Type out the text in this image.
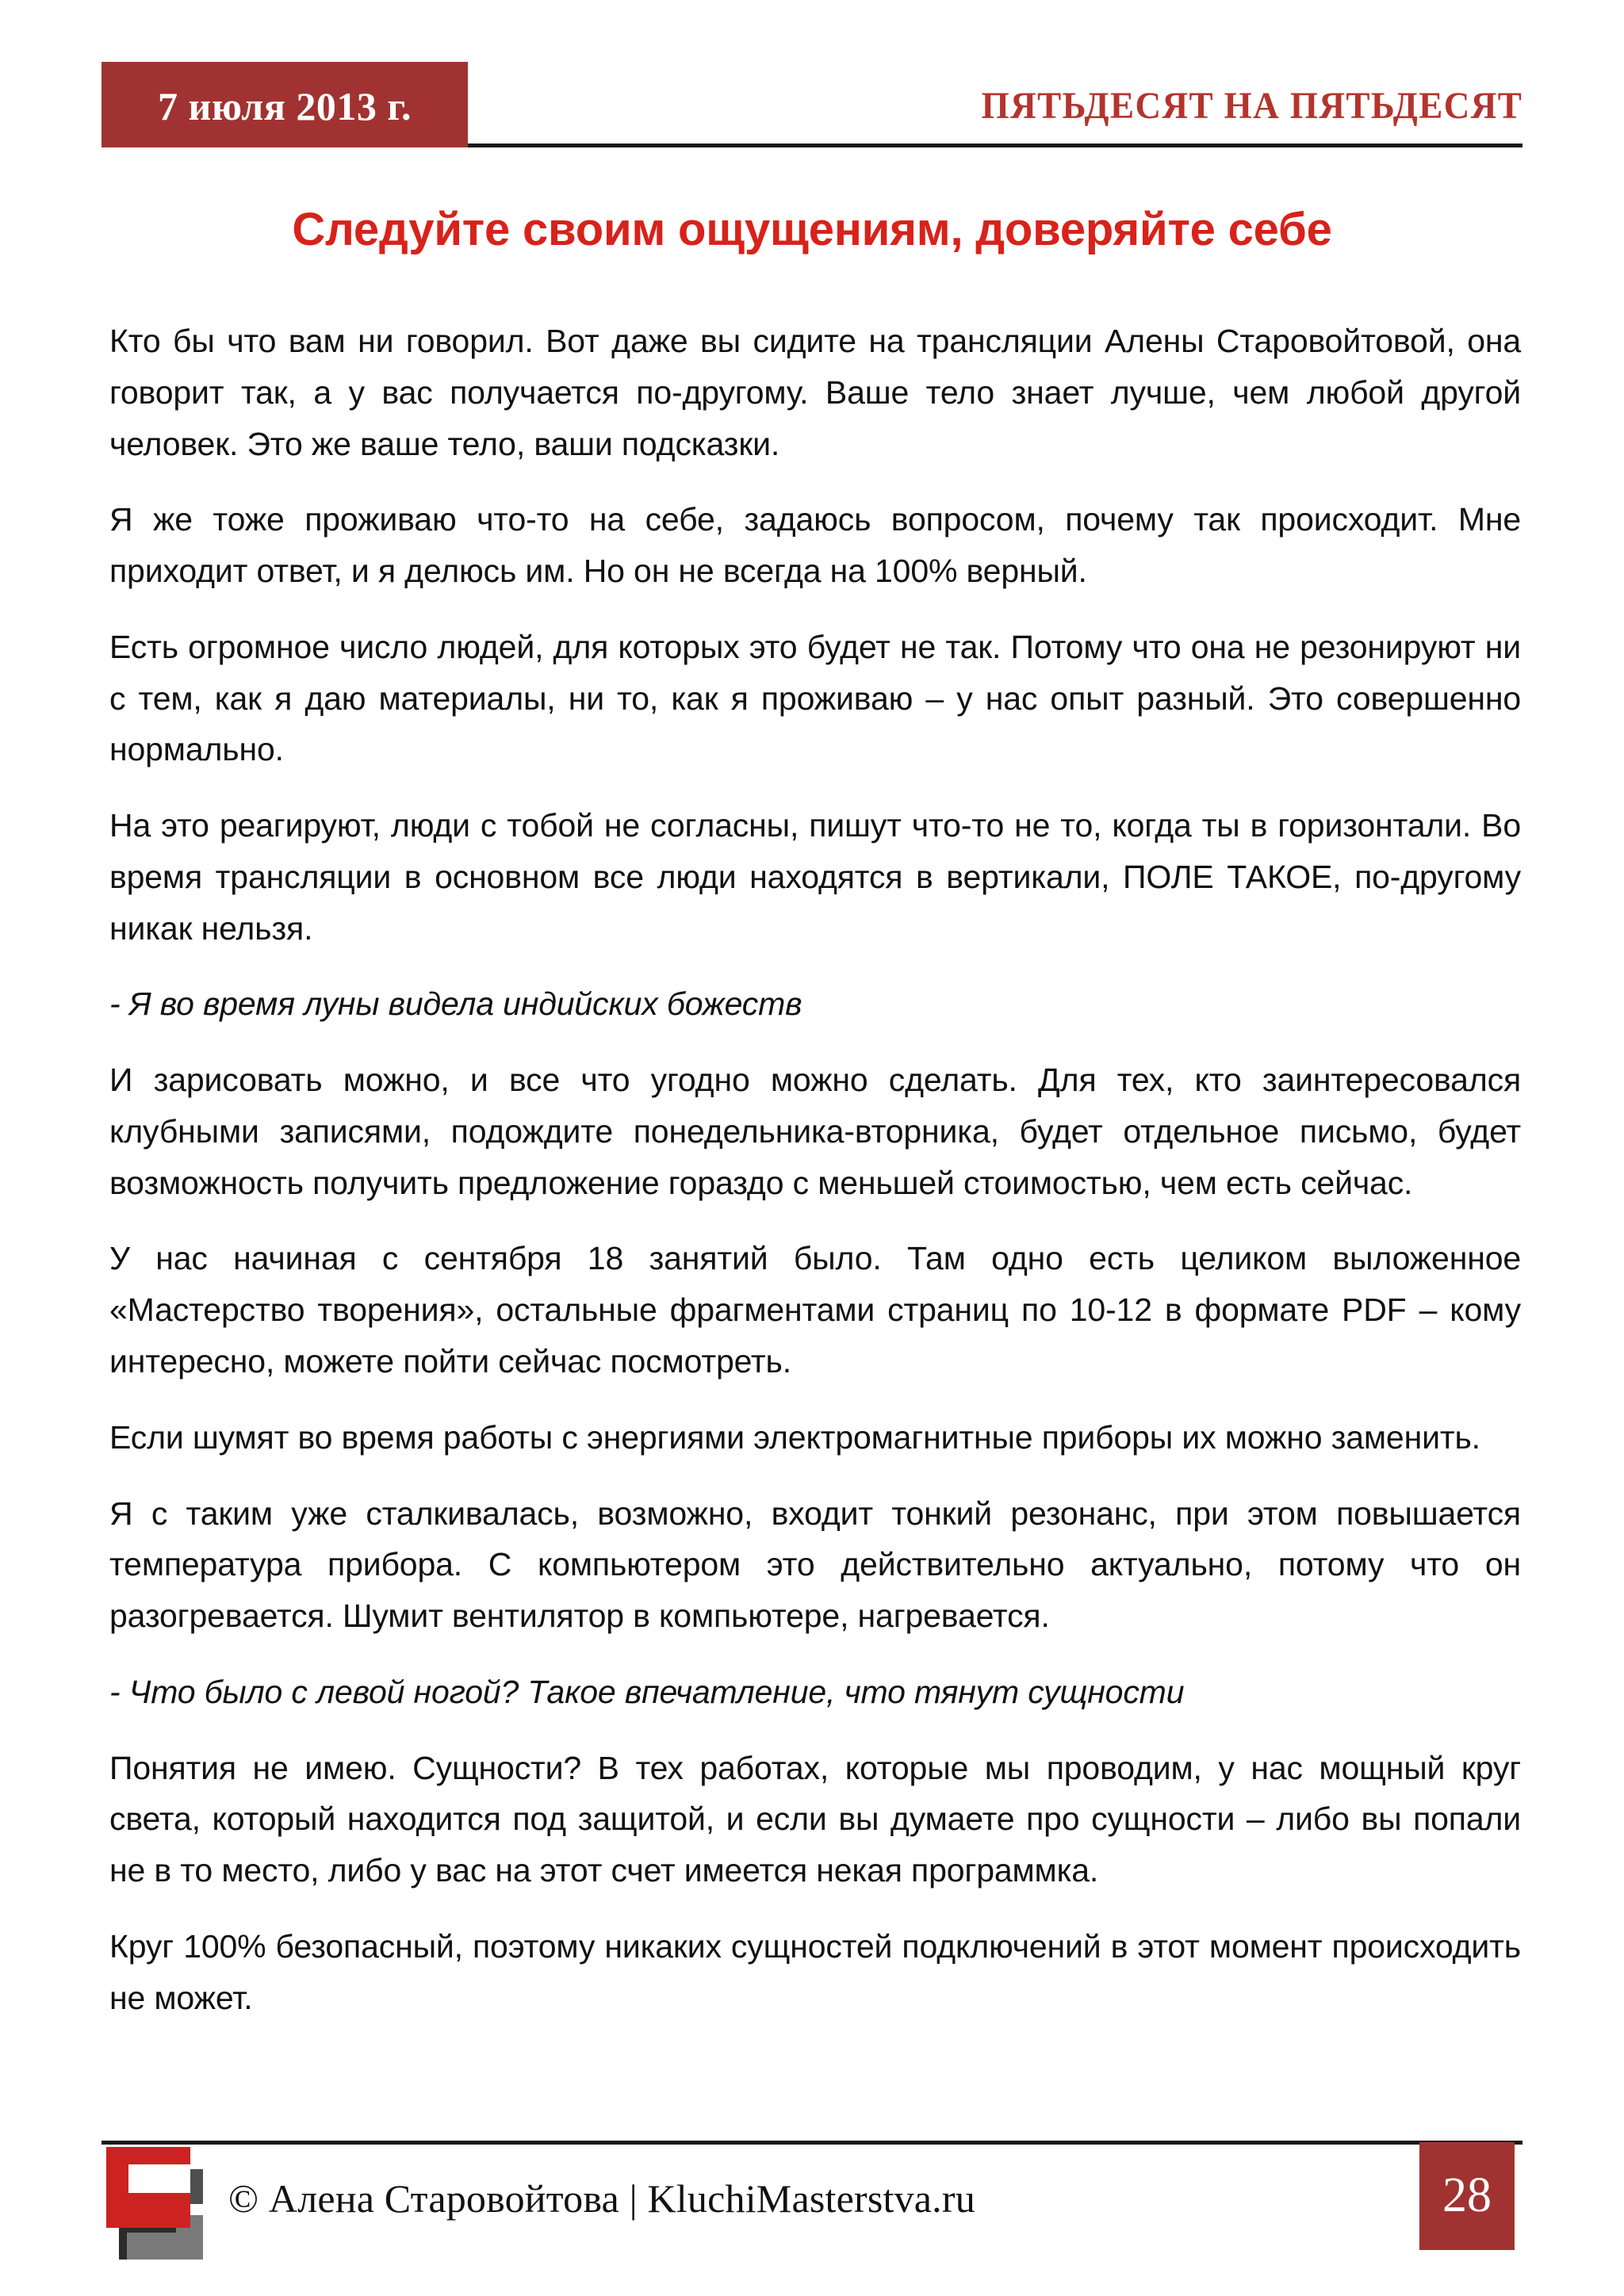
7 июля 2013 г.	ПЯТЬДЕСЯТ НА ПЯТЬДЕСЯТ
Следуйте своим ощущениям, доверяйте себе

Кто бы что вам ни говорил. Вот даже вы сидите на трансляции Алены Старовойтовой, она говорит так, а у вас получается по-другому. Ваше тело знает лучше, чем любой другой человек. Это же ваше тело, ваши подсказки.

Я же тоже проживаю что-то на себе, задаюсь вопросом, почему так происходит. Мне приходит ответ, и я делюсь им. Но он не всегда на 100% верный.

Есть огромное число людей, для которых это будет не так. Потому что она не резонируют ни с тем, как я даю материалы, ни то, как я проживаю – у нас опыт разный. Это совершенно нормально.

На это реагируют, люди с тобой не согласны, пишут что-то не то, когда ты в горизонтали. Во время трансляции в основном все люди находятся в вертикали, ПОЛЕ ТАКОЕ, по-другому никак нельзя.

- Я во время луны видела индийских божеств

И зарисовать можно, и все что угодно можно сделать. Для тех, кто заинтересовался клубными записями, подождите понедельника-вторника, будет отдельное письмо, будет возможность получить предложение гораздо с меньшей стоимостью, чем есть сейчас.

У нас начиная с сентября 18 занятий было. Там одно есть целиком выложенное «Мастерство творения», остальные фрагментами страниц по 10-12 в формате PDF – кому интересно, можете пойти сейчас посмотреть.

Если шумят во время работы с энергиями электромагнитные приборы их можно заменить.

Я с таким уже сталкивалась, возможно, входит тонкий резонанс, при этом повышается температура прибора. С компьютером это действительно актуально, потому что он разогревается. Шумит вентилятор в компьютере, нагревается.

- Что было с левой ногой? Такое впечатление, что тянут сущности

Понятия не имею. Сущности? В тех работах, которые мы проводим, у нас мощный круг света, который находится под защитой, и если вы думаете про сущности – либо вы попали не в то место, либо у вас на этот счет имеется некая программка.

Круг 100% безопасный, поэтому никаких сущностей подключений в этот момент происходить не может.

© Алена Старовойтова | KluchiMasterstva.ru	28
